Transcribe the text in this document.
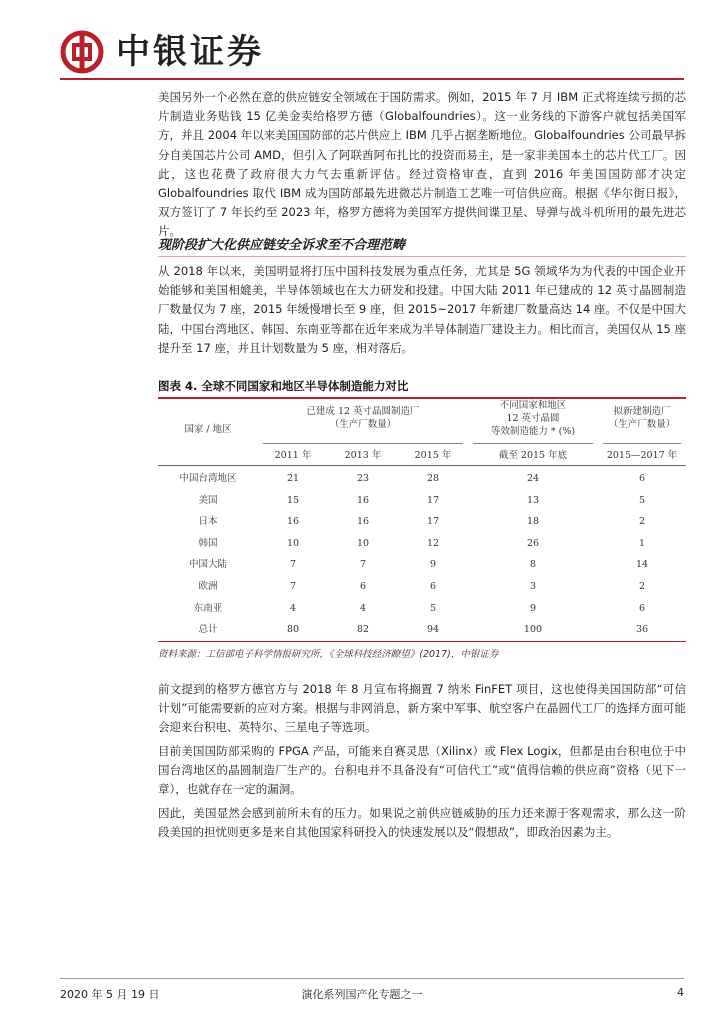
中银证券

美国另外一个必然在意的供应链安全领域在于国防需求。例如，2015 年 7 月 IBM 正式将连续亏损的芯片制造业务贴钱 15 亿美金卖给格罗方德（Globalfoundries）。这一业务线的下游客户就包括美国军方，并且 2004 年以来美国国防部的芯片供应上 IBM 几乎占据垄断地位。Globalfoundries 公司最早拆分自美国芯片公司 AMD，但引入了阿联酋阿布扎比的投资而易主，是一家非美国本土的芯片代工厂。因此，这也花费了政府很大力气去重新评估。经过资格审查，直到 2016 年美国国防部才决定 Globalfoundries 取代 IBM 成为国防部最先进微芯片制造工艺唯一可信供应商。根据《华尔街日报》，双方签订了 7 年长约至 2023 年，格罗方德将为美国军方提供间谍卫星、导弹与战斗机所用的最先进芯片。

现阶段扩大化供应链安全诉求至不合理范畴

从 2018 年以来，美国明显将打压中国科技发展为重点任务，尤其是 5G 领域华为为代表的中国企业开始能够和美国相媲美，半导体领域也在大力研发和投建。中国大陆 2011 年已建成的 12 英寸晶圆制造厂数量仅为 7 座，2015 年缓慢增长至 9 座，但 2015~2017 年新建厂数量高达 14 座。不仅是中国大陆，中国台湾地区、韩国、东南亚等都在近年来成为半导体制造厂建设主力。相比而言，美国仅从 15 座提升至 17 座，并且计划数量为 5 座，相对落后。

图表 4. 全球不同国家和地区半导体制造能力对比
国家 / 地区
已建成 12 英寸晶圆制造厂
（生产厂数量）
不同国家和地区
12 英寸晶圆
等效制造能力 * (%)
拟新建制造厂
（生产厂数量）
2011 年	2013 年	2015 年	截至 2015 年底	2015—2017 年
中国台湾地区	21	23	28	24	6
美国	15	16	17	13	5
日本	16	16	17	18	2
韩国	10	10	12	26	1
中国大陆	7	7	9	8	14
欧洲	7	6	6	3	2
东南亚	4	4	5	9	6
总计	80	82	94	100	36
资料来源：工信部电子科学情报研究所，《全球科技经济瞭望》(2017)，中银证券

前文提到的格罗方德官方与 2018 年 8 月宣布将搁置 7 纳米 FinFET 项目，这也使得美国国防部“可信计划”可能需要新的应对方案。根据与非网消息，新方案中军事、航空客户在晶圆代工厂的选择方面可能会迎来台积电、英特尔、三星电子等选项。

目前美国国防部采购的 FPGA 产品，可能来自赛灵思（Xilinx）或 Flex Logix，但都是由台积电位于中国台湾地区的晶圆制造厂生产的。台积电并不具备没有“可信代工”或“值得信赖的供应商”资格（见下一章），也就存在一定的漏洞。

因此，美国显然会感到前所未有的压力。如果说之前供应链威胁的压力还来源于客观需求，那么这一阶段美国的担忧则更多是来自其他国家科研投入的快速发展以及“假想敌”，即政治因素为主。

2020 年 5 月 19 日	演化系列国产化专题之一	4
